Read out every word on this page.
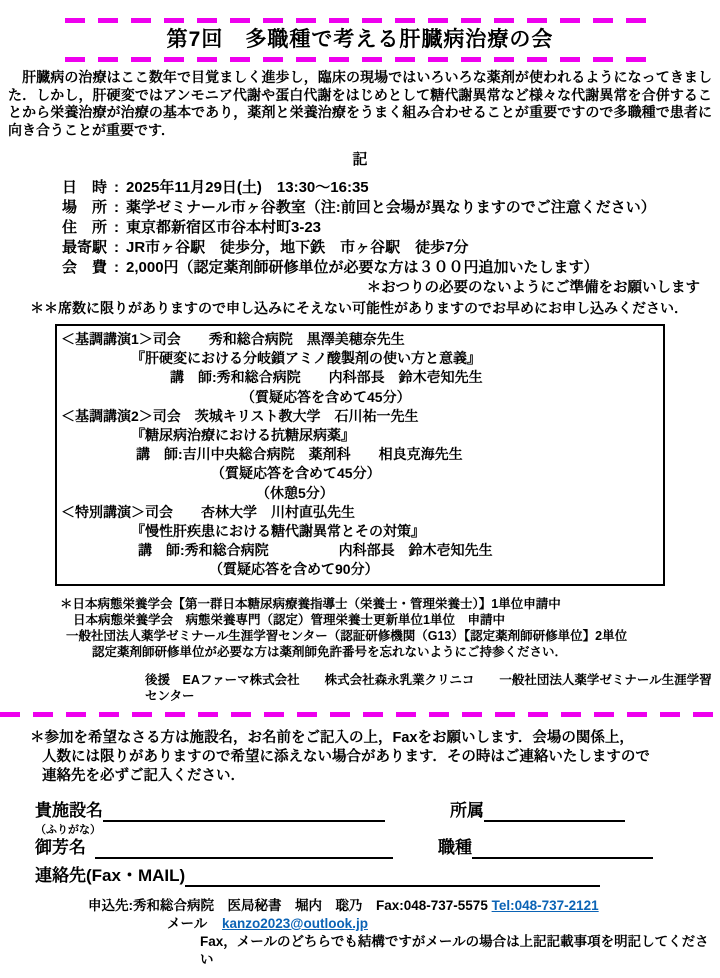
第7回　多職種で考える肝臓病治療の会
　肝臓病の治療はここ数年で目覚ましく進歩し，臨床の現場ではいろいろな薬剤が使われるようになってきました．しかし，肝硬変ではアンモニア代謝や蛋白代謝をはじめとして糖代謝異常など様々な代謝異常を合併することから栄養治療が治療の基本であり，薬剤と栄養治療をうまく組み合わせることが重要ですので多職種で患者に向き合うことが重要です．
記
日　時 : 2025年11月29日(土)　13:30～16:35
場　所 : 薬学ゼミナール市ヶ谷教室（注:前回と会場が異なりますのでご注意ください）
住　所 : 東京都新宿区市谷本村町3-23
最寄駅 : JR市ヶ谷駅　徒歩分，地下鉄　市ヶ谷駅　徒歩7分
会　費 : 2,000円（認定薬剤師研修単位が必要な方は３００円追加いたします）
＊おつりの必要のないようにご準備をお願いします
＊＊席数に限りがありますので申し込みにそえない可能性がありますのでお早めにお申し込みください．
＜基調講演1＞司会　　秀和総合病院　黒澤美穂奈先生
『肝硬変における分岐鎖アミノ酸製剤の使い方と意義』
講　師:秀和総合病院　　内科部長　鈴木壱知先生
（質疑応答を含めて45分）
＜基調講演2＞司会　茨城キリスト教大学　石川祐一先生
『糖尿病治療における抗糖尿病薬』
講　師:吉川中央総合病院　薬剤科　　相良克海先生
（質疑応答を含めて45分）
（休憩5分）
＜特別講演＞司会　　杏林大学　川村直弘先生
『慢性肝疾患における糖代謝異常とその対策』
講　師:秀和総合病院　　　　　内科部長　鈴木壱知先生
（質疑応答を含めて90分）
＊日本病態栄養学会【第一群日本糖尿病療養指導士（栄養士・管理栄養士）】1単位申請中
日本病態栄養学会　病態栄養専門（認定）管理栄養士更新単位1単位　申請中
一般社団法人薬学ゼミナール生涯学習センター（認証研修機関（G13）【認定薬剤師研修単位】2単位
認定薬剤師研修単位が必要な方は薬剤師免許番号を忘れないようにご持参ください．
後援　EAファーマ株式会社　　株式会社森永乳業クリニコ　　一般社団法人薬学ゼミナール生涯学習センター
＊参加を希望なさる方は施設名，お名前をご記入の上，Faxをお願いします．会場の関係上，
人数には限りがありますので希望に添えない場合があります．その時はご連絡いたしますので
連絡先を必ずご記入ください．
貴施設名	所属
（ふりがな）
御芳名	職種
連絡先(Fax・MAIL)
申込先:秀和総合病院　医局秘書　堀内　聡乃　Fax:048-737-5575 Tel:048-737-2121
メール kanzo2023@outlook.jp
Fax，メールのどちらでも結構ですがメールの場合は上記記載事項を明記してください
